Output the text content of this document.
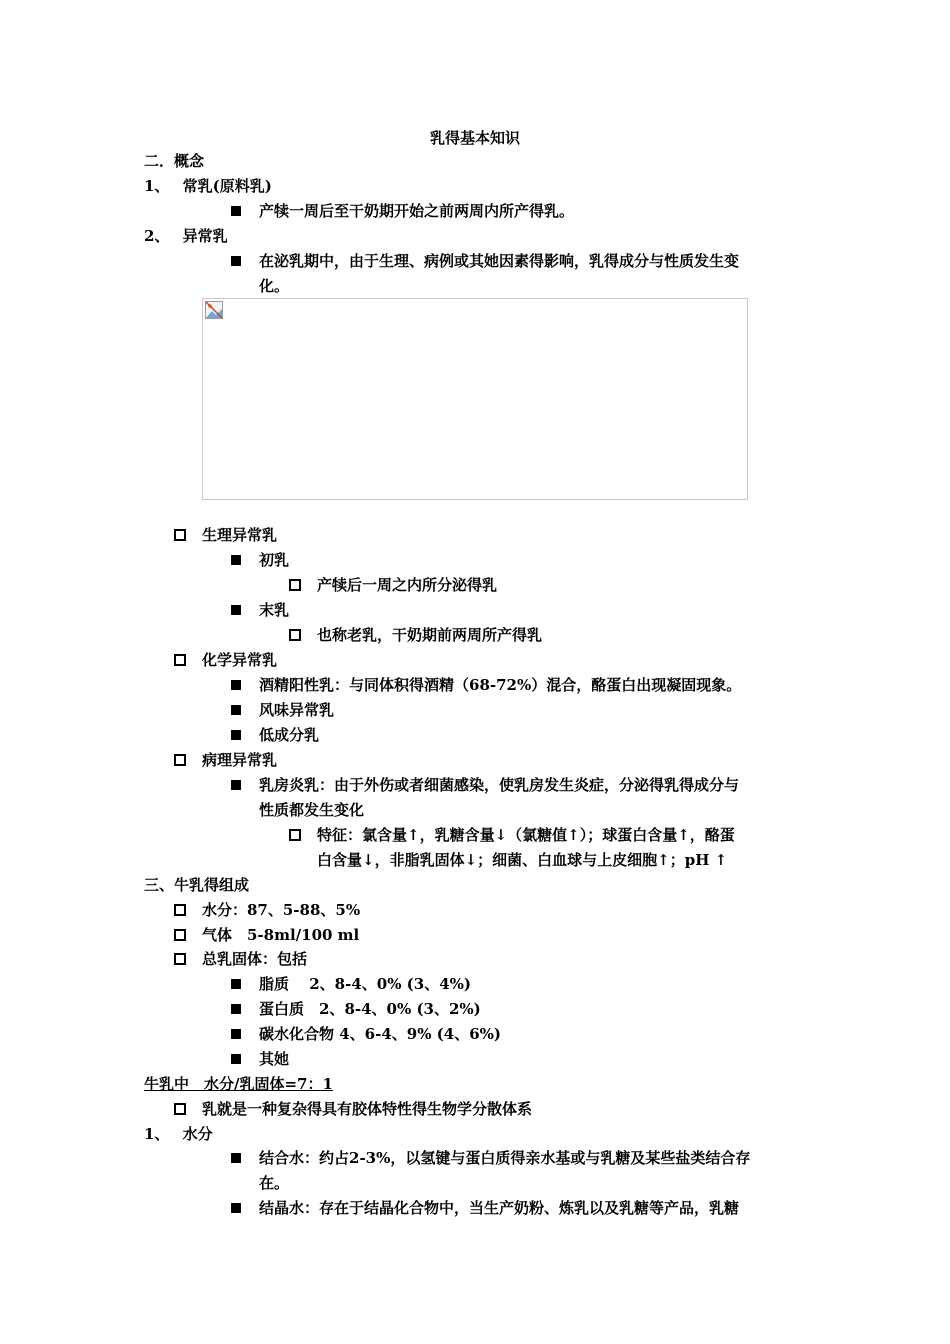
乳得基本知识
二．概念
1、 常乳(原料乳)
产犊一周后至干奶期开始之前两周内所产得乳。
2、 异常乳
在泌乳期中，由于生理、病例或其她因素得影响，乳得成分与性质发生变
化。
生理异常乳
初乳
产犊后一周之内所分泌得乳
末乳
也称老乳，干奶期前两周所产得乳
化学异常乳
酒精阳性乳：与同体积得酒精（68-72%）混合，酪蛋白出现凝固现象。
风味异常乳
低成分乳
病理异常乳
乳房炎乳：由于外伤或者细菌感染，使乳房发生炎症，分泌得乳得成分与
性质都发生变化
特征：氯含量↑，乳糖含量↓（氯糖值↑）；球蛋白含量↑，酪蛋
白含量↓，非脂乳固体↓；细菌、白血球与上皮细胞↑；pH ↑
三、牛乳得组成
水分：87、5-88、5%
气体　5-8ml/100 ml
总乳固体：包括
脂质　 2、8-4、0% (3、4%)
蛋白质　2、8-4、0% (3、2%)
碳水化合物 4、6-4、9% (4、6%)
其她
牛乳中　水分/乳固体=7：1
乳就是一种复杂得具有胶体特性得生物学分散体系
1、 水分
结合水：约占2-3%，以氢键与蛋白质得亲水基或与乳糖及某些盐类结合存
在。
结晶水：存在于结晶化合物中，当生产奶粉、炼乳以及乳糖等产品，乳糖
